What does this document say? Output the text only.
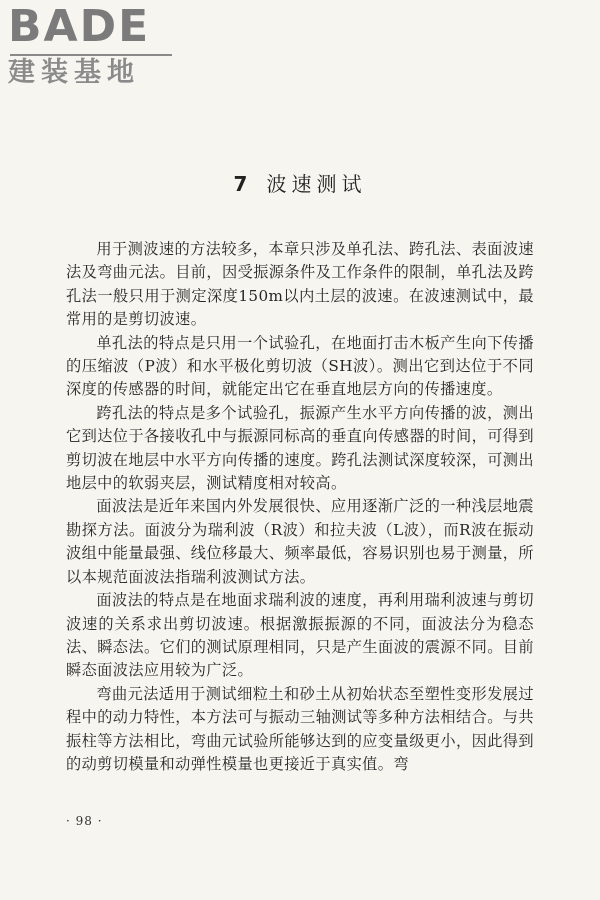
BADE
建装基地
7 波速测试

用于测波速的方法较多，本章只涉及单孔法、跨孔法、表面波速法及弯曲元法。目前，因受振源条件及工作条件的限制，单孔法及跨孔法一般只用于测定深度150m以内土层的波速。在波速测试中，最常用的是剪切波速。

单孔法的特点是只用一个试验孔，在地面打击木板产生向下传播的压缩波（P波）和水平极化剪切波（SH波）。测出它到达位于不同深度的传感器的时间，就能定出它在垂直地层方向的传播速度。

跨孔法的特点是多个试验孔，振源产生水平方向传播的波，测出它到达位于各接收孔中与振源同标高的垂直向传感器的时间，可得到剪切波在地层中水平方向传播的速度。跨孔法测试深度较深，可测出地层中的软弱夹层，测试精度相对较高。

面波法是近年来国内外发展很快、应用逐渐广泛的一种浅层地震勘探方法。面波分为瑞利波（R波）和拉夫波（L波），而R波在振动波组中能量最强、线位移最大、频率最低，容易识别也易于测量，所以本规范面波法指瑞利波测试方法。

面波法的特点是在地面求瑞利波的速度，再利用瑞利波速与剪切波速的关系求出剪切波速。根据激振振源的不同，面波法分为稳态法、瞬态法。它们的测试原理相同，只是产生面波的震源不同。目前瞬态面波法应用较为广泛。

弯曲元法适用于测试细粒土和砂土从初始状态至塑性变形发展过程中的动力特性，本方法可与振动三轴测试等多种方法相结合。与共振柱等方法相比，弯曲元试验所能够达到的应变量级更小，因此得到的动剪切模量和动弹性模量也更接近于真实值。弯

· 98 ·
